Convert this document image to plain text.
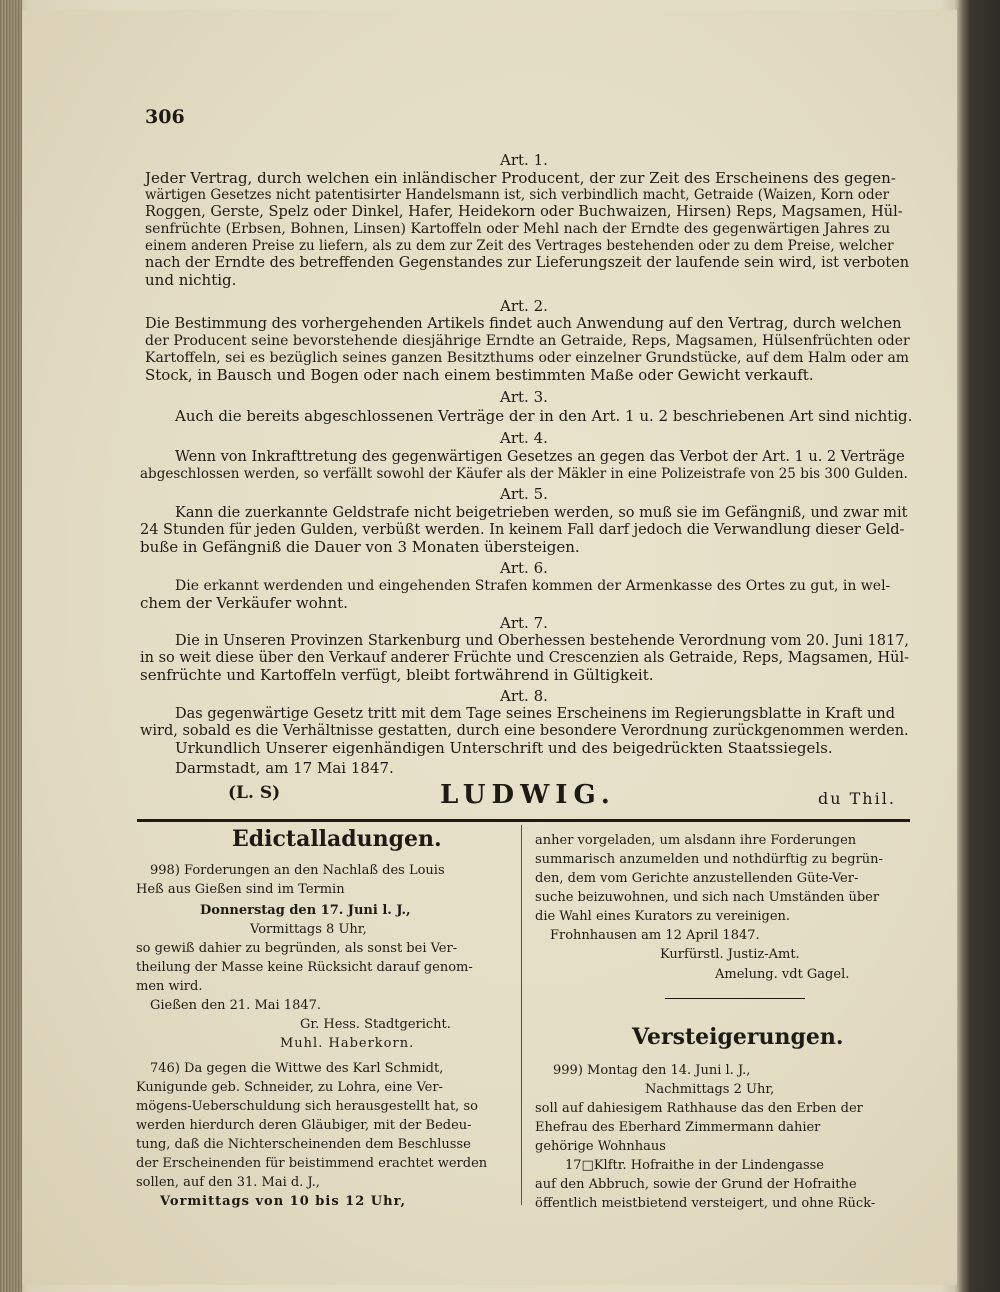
306
Art. 1.
Jeder Vertrag, durch welchen ein inländischer Producent, der zur Zeit des Erscheinens des gegen-
wärtigen Gesetzes nicht patentisirter Handelsmann ist, sich verbindlich macht, Getraide (Waizen, Korn oder
Roggen, Gerste, Spelz oder Dinkel, Hafer, Heidekorn oder Buchwaizen, Hirsen) Reps, Magsamen, Hül-
senfrüchte (Erbsen, Bohnen, Linsen) Kartoffeln oder Mehl nach der Erndte des gegenwärtigen Jahres zu
einem anderen Preise zu liefern, als zu dem zur Zeit des Vertrages bestehenden oder zu dem Preise, welcher
nach der Erndte des betreffenden Gegenstandes zur Lieferungszeit der laufende sein wird, ist verboten
und nichtig.
Art. 2.
Die Bestimmung des vorhergehenden Artikels findet auch Anwendung auf den Vertrag, durch welchen
der Producent seine bevorstehende diesjährige Erndte an Getraide, Reps, Magsamen, Hülsenfrüchten oder
Kartoffeln, sei es bezüglich seines ganzen Besitzthums oder einzelner Grundstücke, auf dem Halm oder am
Stock, in Bausch und Bogen oder nach einem bestimmten Maße oder Gewicht verkauft.
Art. 3.
Auch die bereits abgeschlossenen Verträge der in den Art. 1 u. 2 beschriebenen Art sind nichtig.
Art. 4.
Wenn von Inkrafttretung des gegenwärtigen Gesetzes an gegen das Verbot der Art. 1 u. 2 Verträge
abgeschlossen werden, so verfällt sowohl der Käufer als der Mäkler in eine Polizeistrafe von 25 bis 300 Gulden.
Art. 5.
Kann die zuerkannte Geldstrafe nicht beigetrieben werden, so muß sie im Gefängniß, und zwar mit
24 Stunden für jeden Gulden, verbüßt werden. In keinem Fall darf jedoch die Verwandlung dieser Geld-
buße in Gefängniß die Dauer von 3 Monaten übersteigen.
Art. 6.
Die erkannt werdenden und eingehenden Strafen kommen der Armenkasse des Ortes zu gut, in wel-
chem der Verkäufer wohnt.
Art. 7.
Die in Unseren Provinzen Starkenburg und Oberhessen bestehende Verordnung vom 20. Juni 1817,
in so weit diese über den Verkauf anderer Früchte und Crescenzien als Getraide, Reps, Magsamen, Hül-
senfrüchte und Kartoffeln verfügt, bleibt fortwährend in Gültigkeit.
Art. 8.
Das gegenwärtige Gesetz tritt mit dem Tage seines Erscheinens im Regierungsblatte in Kraft und
wird, sobald es die Verhältnisse gestatten, durch eine besondere Verordnung zurückgenommen werden.
Urkundlich Unserer eigenhändigen Unterschrift und des beigedrückten Staatssiegels.
Darmstadt, am 17 Mai 1847.
(L. S)	LUDWIG.	du Thil.
Edictalladungen.
998) Forderungen an den Nachlaß des Louis
Heß aus Gießen sind im Termin
Donnerstag den 17. Juni l. J.,
Vormittags 8 Uhr,
so gewiß dahier zu begründen, als sonst bei Ver-
theilung der Masse keine Rücksicht darauf genom-
men wird.
Gießen den 21. Mai 1847.
Gr. Hess. Stadtgericht.
Muhl. Haberkorn.
746) Da gegen die Wittwe des Karl Schmidt,
Kunigunde geb. Schneider, zu Lohra, eine Ver-
mögens-Ueberschuldung sich herausgestellt hat, so
werden hierdurch deren Gläubiger, mit der Bedeu-
tung, daß die Nichterscheinenden dem Beschlusse
der Erscheinenden für beistimmend erachtet werden
sollen, auf den 31. Mai d. J.,
Vormittags von 10 bis 12 Uhr,
anher vorgeladen, um alsdann ihre Forderungen
summarisch anzumelden und nothdürftig zu begrün-
den, dem vom Gerichte anzustellenden Güte-Ver-
suche beizuwohnen, und sich nach Umständen über
die Wahl eines Kurators zu vereinigen.
Frohnhausen am 12 April 1847.
Kurfürstl. Justiz-Amt.
Amelung. vdt Gagel.
Versteigerungen.
999) Montag den 14. Juni l. J.,
Nachmittags 2 Uhr,
soll auf dahiesigem Rathhause das den Erben der
Ehefrau des Eberhard Zimmermann dahier
gehörige Wohnhaus
17□Klftr. Hofraithe in der Lindengasse
auf den Abbruch, sowie der Grund der Hofraithe
öffentlich meistbietend versteigert, und ohne Rück-
